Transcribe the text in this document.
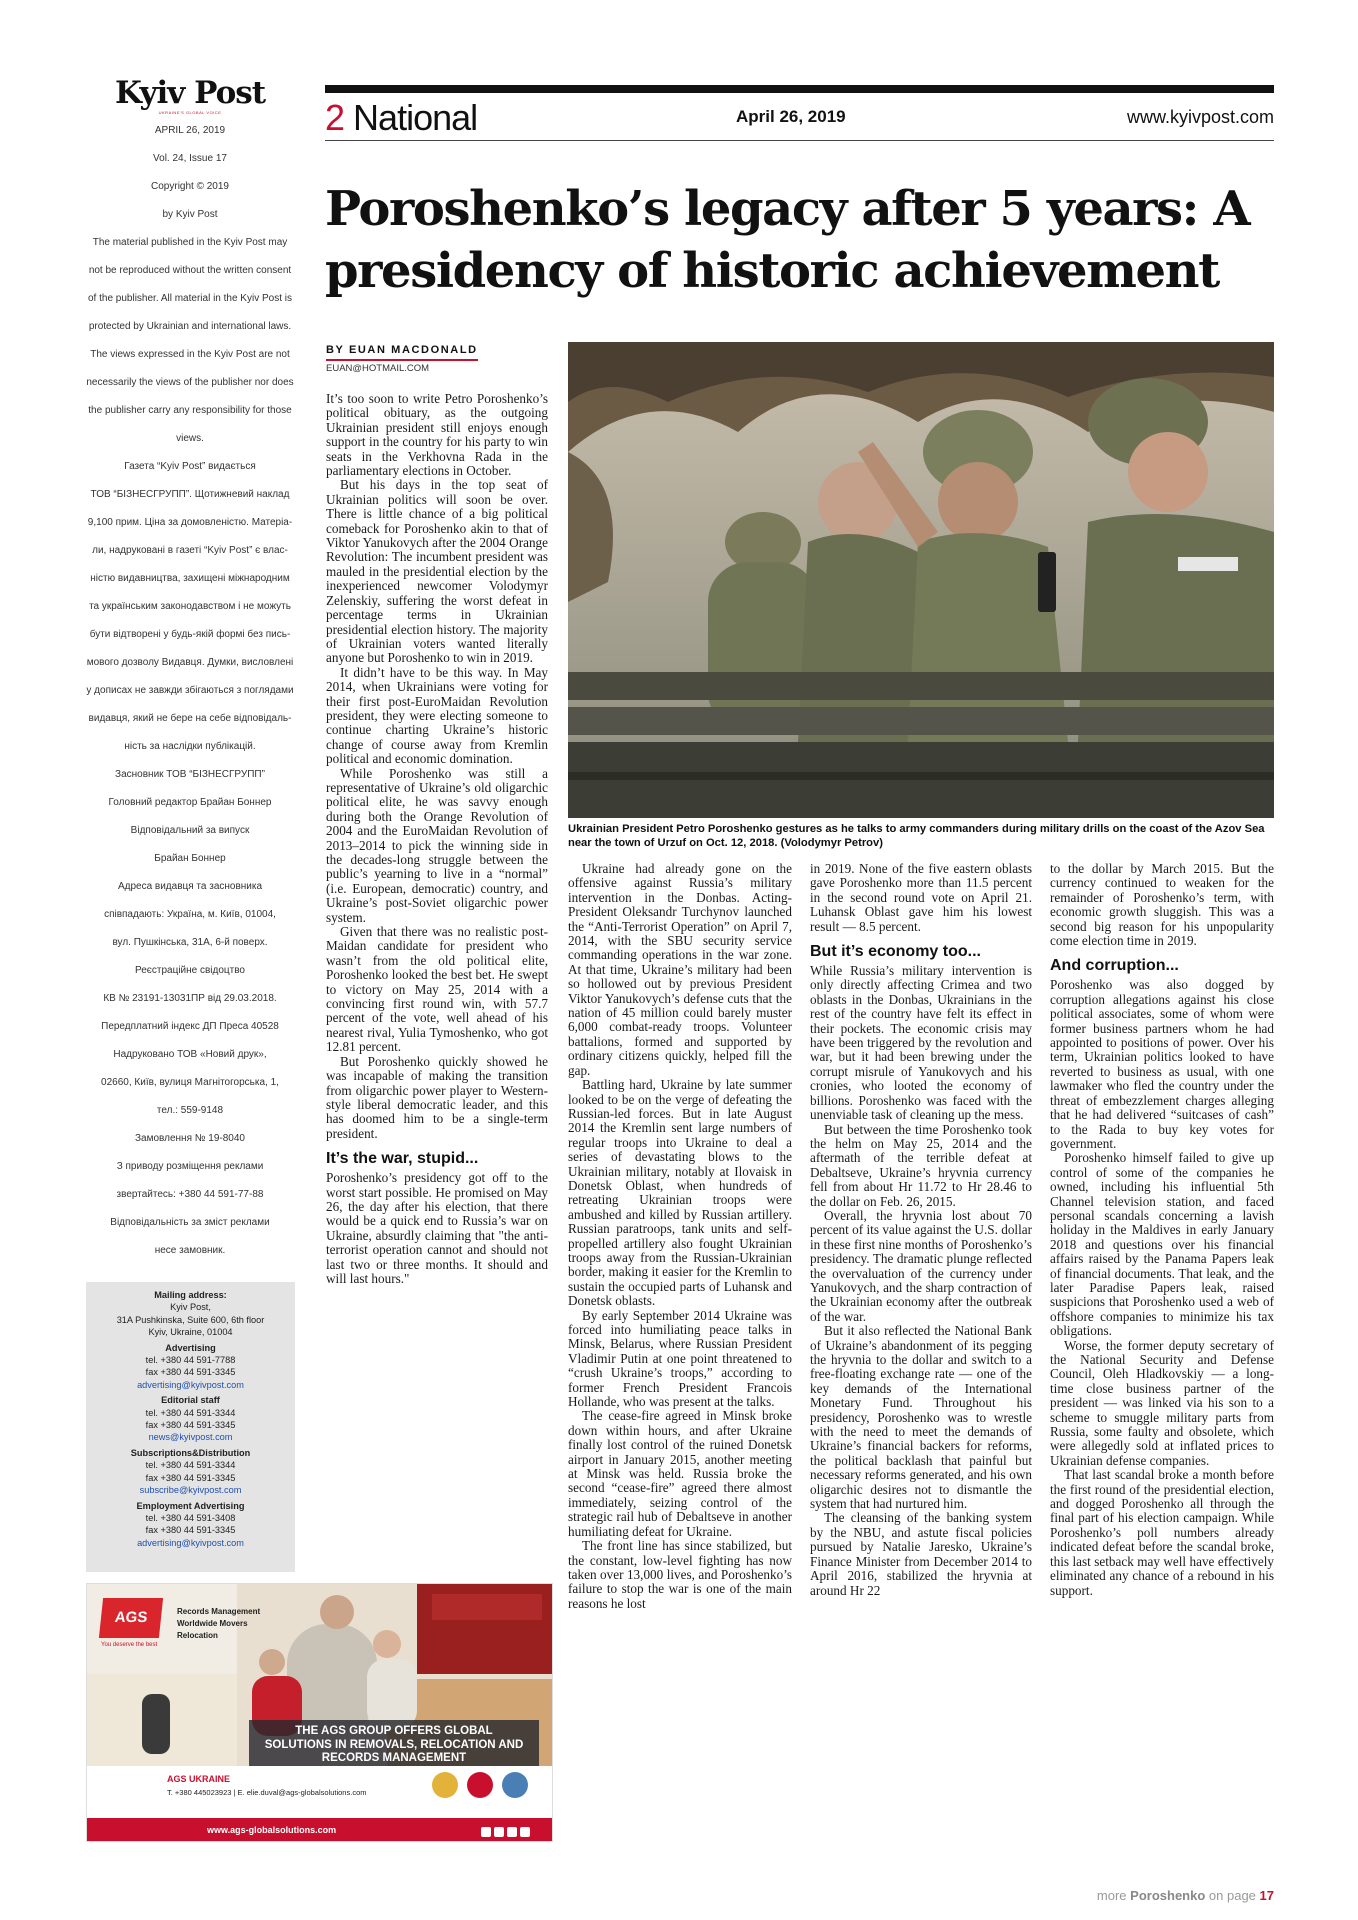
Kyiv Post
UKRAINE'S GLOBAL VOICE

APRIL 26, 2019

Vol. 24, Issue 17

Copyright © 2019

by Kyiv Post

The material published in the Kyiv Post may

not be reproduced without the written consent

of the publisher. All material in the Kyiv Post is

protected by Ukrainian and international laws.

The views expressed in the Kyiv Post are not

necessarily the views of the publisher nor does

the publisher carry any responsibility for those

views.

Газета “Kyiv Post” видається

ТОВ “БІЗНЕСГРУПП”. Щотижневий наклад

9,100 прим. Ціна за домовленістю. Матеріа-

ли, надруковані в газеті “Kyiv Post” є влас-

ністю видавництва, захищені міжнародним

та українським законодавством і не можуть

бути відтворені у будь-якій формі без пись-

мового дозволу Видавця. Думки, висловлені

у дописах не завжди збігаються з поглядами

видавця, який не бере на себе відповідаль-

ність за наслідки публікацій.

Засновник ТОВ “БІЗНЕСГРУПП”

Головний редактор Брайан Боннер

Відповідальний за випуск

Брайан Боннер

Адреса видавця та засновника

співпадають: Україна, м. Київ, 01004,

вул. Пушкінська, 31А, 6-й поверх.

Реєстраційне свідоцтво

КВ № 23191-13031ПР від 29.03.2018.

Передплатний індекс ДП Преса 40528

Надруковано ТОВ «Новий друк»,

02660, Київ, вулиця Магнітогорська, 1,

тел.: 559-9148

Замовлення № 19-8040

З приводу розміщення реклами

звертайтесь: +380 44 591-77-88

Відповідальність за зміст реклами

несе замовник.

Mailing address:
Kyiv Post,
31A Pushkinska, Suite 600, 6th floor
Kyiv, Ukraine, 01004
Advertising
tel. +380 44 591-7788
fax +380 44 591-3345
advertising@kyivpost.com
Editorial staff
tel. +380 44 591-3344
fax +380 44 591-3345
news@kyivpost.com
Subscriptions&Distribution
tel. +380 44 591-3344
fax +380 44 591-3345
subscribe@kyivpost.com
Employment Advertising
tel. +380 44 591-3408
fax +380 44 591-3345
advertising@kyivpost.com
AGS
You deserve the best
Records Management
Worldwide Movers
Relocation
THE AGS GROUP OFFERS GLOBAL
SOLUTIONS IN REMOVALS, RELOCATION AND
RECORDS MANAGEMENT
AGS UKRAINE
T. +380 445023923 | E. elie.duval@ags-globalsolutions.com
www.ags-globalsolutions.com
2 National	April 26, 2019	www.kyivpost.com
Poroshenko’s legacy after 5 years: A presidency of historic achievement
BY EUAN MACDONALD
EUAN@HOTMAIL.COM
Ukrainian President Petro Poroshenko gestures as he talks to army commanders during military drills on the coast of the Azov Sea near the town of Urzuf on Oct. 12, 2018. (Volodymyr Petrov)

It’s too soon to write Petro Poroshenko’s political obituary, as the outgoing Ukrainian president still enjoys enough support in the country for his party to win seats in the Verkhovna Rada in the parliamentary elections in October.

But his days in the top seat of Ukrainian politics will soon be over. There is little chance of a big political comeback for Poroshenko akin to that of Viktor Yanukovych after the 2004 Orange Revolution: The incumbent president was mauled in the presidential election by the inexperienced newcomer Volodymyr Zelenskiy, suffering the worst defeat in percentage terms in Ukrainian presidential election history. The majority of Ukrainian voters wanted literally anyone but Poroshenko to win in 2019.

It didn’t have to be this way. In May 2014, when Ukrainians were voting for their first post-EuroMaidan Revolution president, they were electing someone to continue charting Ukraine’s historic change of course away from Kremlin political and economic domination.

While Poroshenko was still a representative of Ukraine’s old oligarchic political elite, he was savvy enough during both the Orange Revolution of 2004 and the EuroMaidan Revolution of 2013–2014 to pick the winning side in the decades-long struggle between the public’s yearning to live in a “normal” (i.e. European, democratic) country, and Ukraine’s post-Soviet oligarchic power system.

Given that there was no realistic post-Maidan candidate for president who wasn’t from the old political elite, Poroshenko looked the best bet. He swept to victory on May 25, 2014 with a convincing first round win, with 57.7 percent of the vote, well ahead of his nearest rival, Yulia Tymoshenko, who got 12.81 percent.

But Poroshenko quickly showed he was incapable of making the transition from oligarchic power player to Western-style liberal democratic leader, and this has doomed him to be a single-term president.

It’s the war, stupid...

Poroshenko’s presidency got off to the worst start possible. He promised on May 26, the day after his election, that there would be a quick end to Russia’s war on Ukraine, absurdly claiming that "the anti-terrorist operation cannot and should not last two or three months. It should and will last hours."

Ukraine had already gone on the offensive against Russia’s military intervention in the Donbas. Acting-President Oleksandr Turchynov launched the “Anti-Terrorist Operation” on April 7, 2014, with the SBU security service commanding operations in the war zone. At that time, Ukraine’s military had been so hollowed out by previous President Viktor Yanukovych’s defense cuts that the nation of 45 million could barely muster 6,000 combat-ready troops. Volunteer battalions, formed and supported by ordinary citizens quickly, helped fill the gap.

Battling hard, Ukraine by late summer looked to be on the verge of defeating the Russian-led forces. But in late August 2014 the Kremlin sent large numbers of regular troops into Ukraine to deal a series of devastating blows to the Ukrainian military, notably at Ilovaisk in Donetsk Oblast, when hundreds of retreating Ukrainian troops were ambushed and killed by Russian artillery. Russian paratroops, tank units and self-propelled artillery also fought Ukrainian troops away from the Russian-Ukrainian border, making it easier for the Kremlin to sustain the occupied parts of Luhansk and Donetsk oblasts.

By early September 2014 Ukraine was forced into humiliating peace talks in Minsk, Belarus, where Russian President Vladimir Putin at one point threatened to “crush Ukraine’s troops,” according to former French President Francois Hollande, who was present at the talks.

The cease-fire agreed in Minsk broke down within hours, and after Ukraine finally lost control of the ruined Donetsk airport in January 2015, another meeting at Minsk was held. Russia broke the second “cease-fire” agreed there almost immediately, seizing control of the strategic rail hub of Debaltseve in another humiliating defeat for Ukraine.

The front line has since stabilized, but the constant, low-level fighting has now taken over 13,000 lives, and Poroshenko’s failure to stop the war is one of the main reasons he lost

in 2019. None of the five eastern oblasts gave Poroshenko more than 11.5 percent in the second round vote on April 21. Luhansk Oblast gave him his lowest result — 8.5 percent.

But it’s economy too...

While Russia’s military intervention is only directly affecting Crimea and two oblasts in the Donbas, Ukrainians in the rest of the country have felt its effect in their pockets. The economic crisis may have been triggered by the revolution and war, but it had been brewing under the corrupt misrule of Yanukovych and his cronies, who looted the economy of billions. Poroshenko was faced with the unenviable task of cleaning up the mess.

But between the time Poroshenko took the helm on May 25, 2014 and the aftermath of the terrible defeat at Debaltseve, Ukraine’s hryvnia currency fell from about Hr 11.72 to Hr 28.46 to the dollar on Feb. 26, 2015.

Overall, the hryvnia lost about 70 percent of its value against the U.S. dollar in these first nine months of Poroshenko’s presidency. The dramatic plunge reflected the overvaluation of the currency under Yanukovych, and the sharp contraction of the Ukrainian economy after the outbreak of the war.

But it also reflected the National Bank of Ukraine’s abandonment of its pegging the hryvnia to the dollar and switch to a free-floating exchange rate — one of the key demands of the International Monetary Fund. Throughout his presidency, Poroshenko was to wrestle with the need to meet the demands of Ukraine’s financial backers for reforms, the political backlash that painful but necessary reforms generated, and his own oligarchic desires not to dismantle the system that had nurtured him.

The cleansing of the banking system by the NBU, and astute fiscal policies pursued by Natalie Jaresko, Ukraine’s Finance Minister from December 2014 to April 2016, stabilized the hryvnia at around Hr 22

to the dollar by March 2015. But the currency continued to weaken for the remainder of Poroshenko’s term, with economic growth sluggish. This was a second big reason for his unpopularity come election time in 2019.

And corruption...

Poroshenko was also dogged by corruption allegations against his close political associates, some of whom were former business partners whom he had appointed to positions of power. Over his term, Ukrainian politics looked to have reverted to business as usual, with one lawmaker who fled the country under the threat of embezzlement charges alleging that he had delivered “suitcases of cash” to the Rada to buy key votes for government.

Poroshenko himself failed to give up control of some of the companies he owned, including his influential 5th Channel television station, and faced personal scandals concerning a lavish holiday in the Maldives in early January 2018 and questions over his financial affairs raised by the Panama Papers leak of financial documents. That leak, and the later Paradise Papers leak, raised suspicions that Poroshenko used a web of offshore companies to minimize his tax obligations.

Worse, the former deputy secretary of the National Security and Defense Council, Oleh Hladkovskiy — a long-time close business partner of the president — was linked via his son to a scheme to smuggle military parts from Russia, some faulty and obsolete, which were allegedly sold at inflated prices to Ukrainian defense companies.

That last scandal broke a month before the first round of the presidential election, and dogged Poroshenko all through the final part of his election campaign. While Poroshenko’s poll numbers already indicated defeat before the scandal broke, this last setback may well have effectively eliminated any chance of a rebound in his support.

more Poroshenko on page 17
